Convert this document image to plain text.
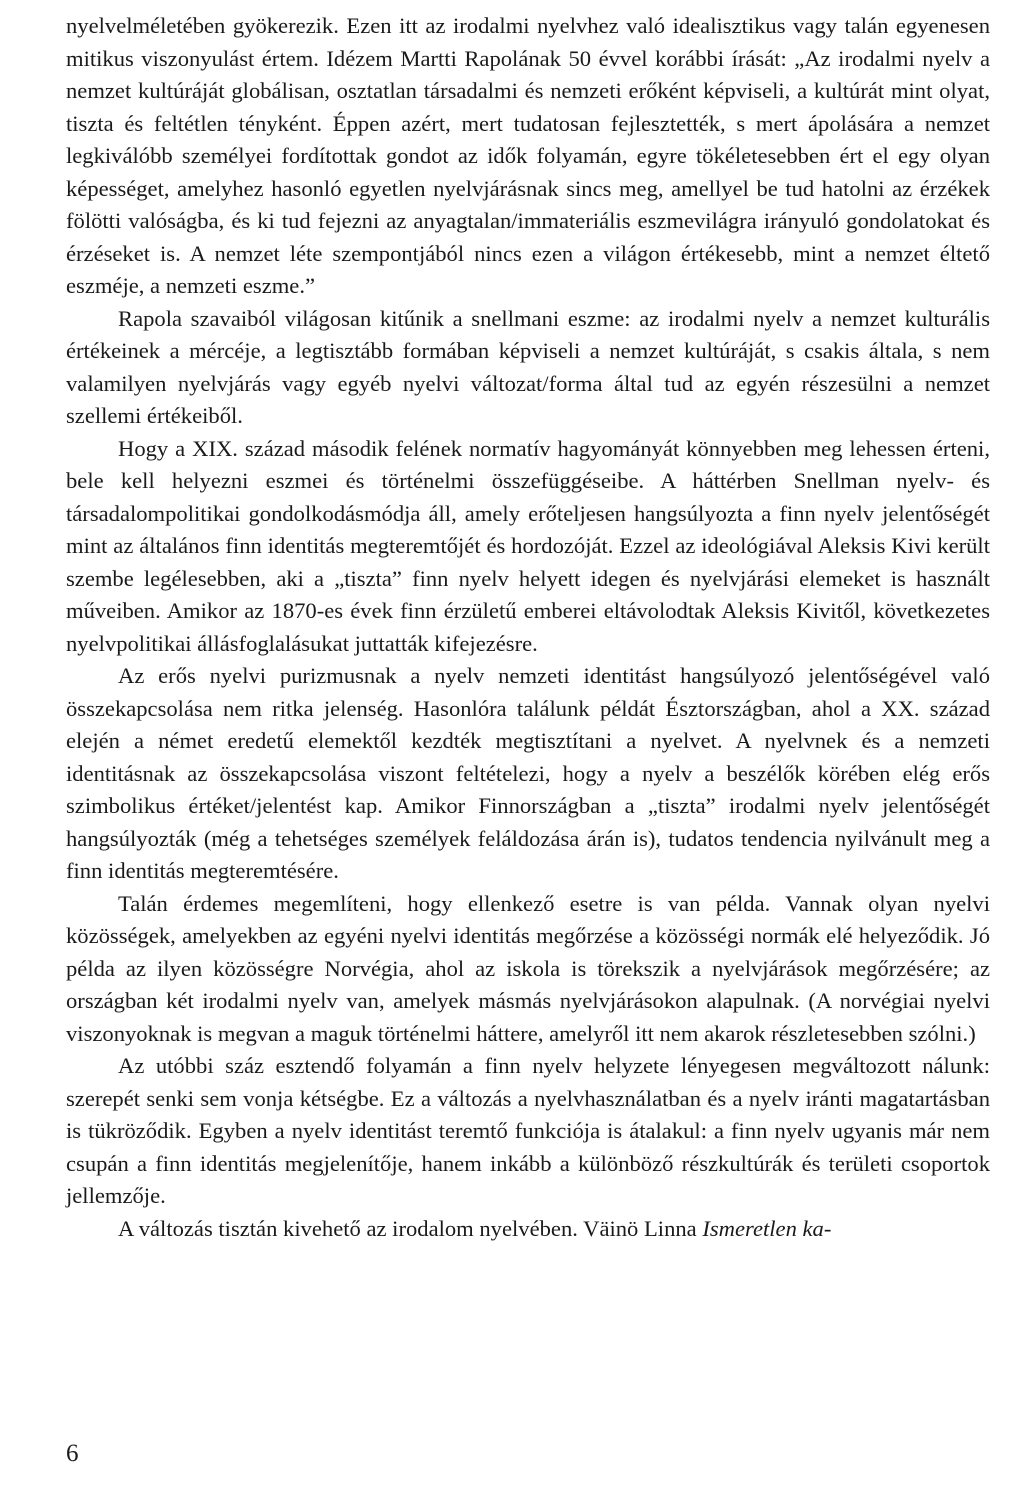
nyelvelméletében gyökerezik. Ezen itt az irodalmi nyelvhez való idealisztikus vagy talán egyenesen mitikus viszonyulást értem. Idézem Martti Rapolának 50 évvel korábbi írását: „Az irodalmi nyelv a nemzet kultúráját globálisan, osztatlan társadalmi és nemzeti erőként képviseli, a kultúrát mint olyat, tiszta és feltétlen tényként. Éppen azért, mert tudatosan fejlesztették, s mert ápolására a nemzet legkiválóbb személyei fordítottak gondot az idők folyamán, egyre tökéletesebben ért el egy olyan képességet, amelyhez hasonló egyetlen nyelvjárásnak sincs meg, amellyel be tud hatolni az érzékek fölötti valóságba, és ki tud fejezni az anyagtalan/immateriális eszmevilágra irányuló gondolatokat és érzéseket is. A nemzet léte szempontjából nincs ezen a világon értékesebb, mint a nemzet éltető eszméje, a nemzeti eszme.”

Rapola szavaiból világosan kitűnik a snellmani eszme: az irodalmi nyelv a nemzet kulturális értékeinek a mércéje, a legtisztább formában képviseli a nemzet kultúráját, s csakis általa, s nem valamilyen nyelvjárás vagy egyéb nyelvi változat/forma által tud az egyén részesülni a nemzet szellemi értékeiből.

Hogy a XIX. század második felének normatív hagyományát könnyebben meg lehessen érteni, bele kell helyezni eszmei és történelmi összefüggéseibe. A háttérben Snellman nyelv- és társadalompolitikai gondolkodásmódja áll, amely erőteljesen hangsúlyozta a finn nyelv jelentőségét mint az általános finn identitás megteremtőjét és hordozóját. Ezzel az ideológiával Aleksis Kivi került szembe legélesebben, aki a „tiszta” finn nyelv helyett idegen és nyelvjárási elemeket is használt műveiben. Amikor az 1870-es évek finn érzületű emberei eltávolodtak Aleksis Kivitől, következetes nyelvpolitikai állásfoglalásukat juttatták kifejezésre.

Az erős nyelvi purizmusnak a nyelv nemzeti identitást hangsúlyozó jelentőségével való összekapcsolása nem ritka jelenség. Hasonlóra találunk példát Észtországban, ahol a XX. század elején a német eredetű elemektől kezdték megtisztítani a nyelvet. A nyelvnek és a nemzeti identitásnak az összekapcsolása viszont feltételezi, hogy a nyelv a beszélők körében elég erős szimbolikus értéket/jelentést kap. Amikor Finnországban a „tiszta” irodalmi nyelv jelentőségét hangsúlyozták (még a tehetséges személyek feláldozása árán is), tudatos tendencia nyilvánult meg a finn identitás megteremtésére.

Talán érdemes megemlíteni, hogy ellenkező esetre is van példa. Vannak olyan nyelvi közösségek, amelyekben az egyéni nyelvi identitás megőrzése a közösségi normák elé helyeződik. Jó példa az ilyen közösségre Norvégia, ahol az iskola is törekszik a nyelvjárások megőrzésére; az országban két irodalmi nyelv van, amelyek másmás nyelvjárásokon alapulnak. (A norvégiai nyelvi viszonyoknak is megvan a maguk történelmi háttere, amelyről itt nem akarok részletesebben szólni.)

Az utóbbi száz esztendő folyamán a finn nyelv helyzete lényegesen megváltozott nálunk: szerepét senki sem vonja kétségbe. Ez a változás a nyelvhasználatban és a nyelv iránti magatartásban is tükröződik. Egyben a nyelv identitást teremtő funkciója is átalakul: a finn nyelv ugyanis már nem csupán a finn identitás megjelenítője, hanem inkább a különböző részkultúrák és területi csoportok jellemzője.

A változás tisztán kivehető az irodalom nyelvében. Väinö Linna Ismeretlen ka-

6
